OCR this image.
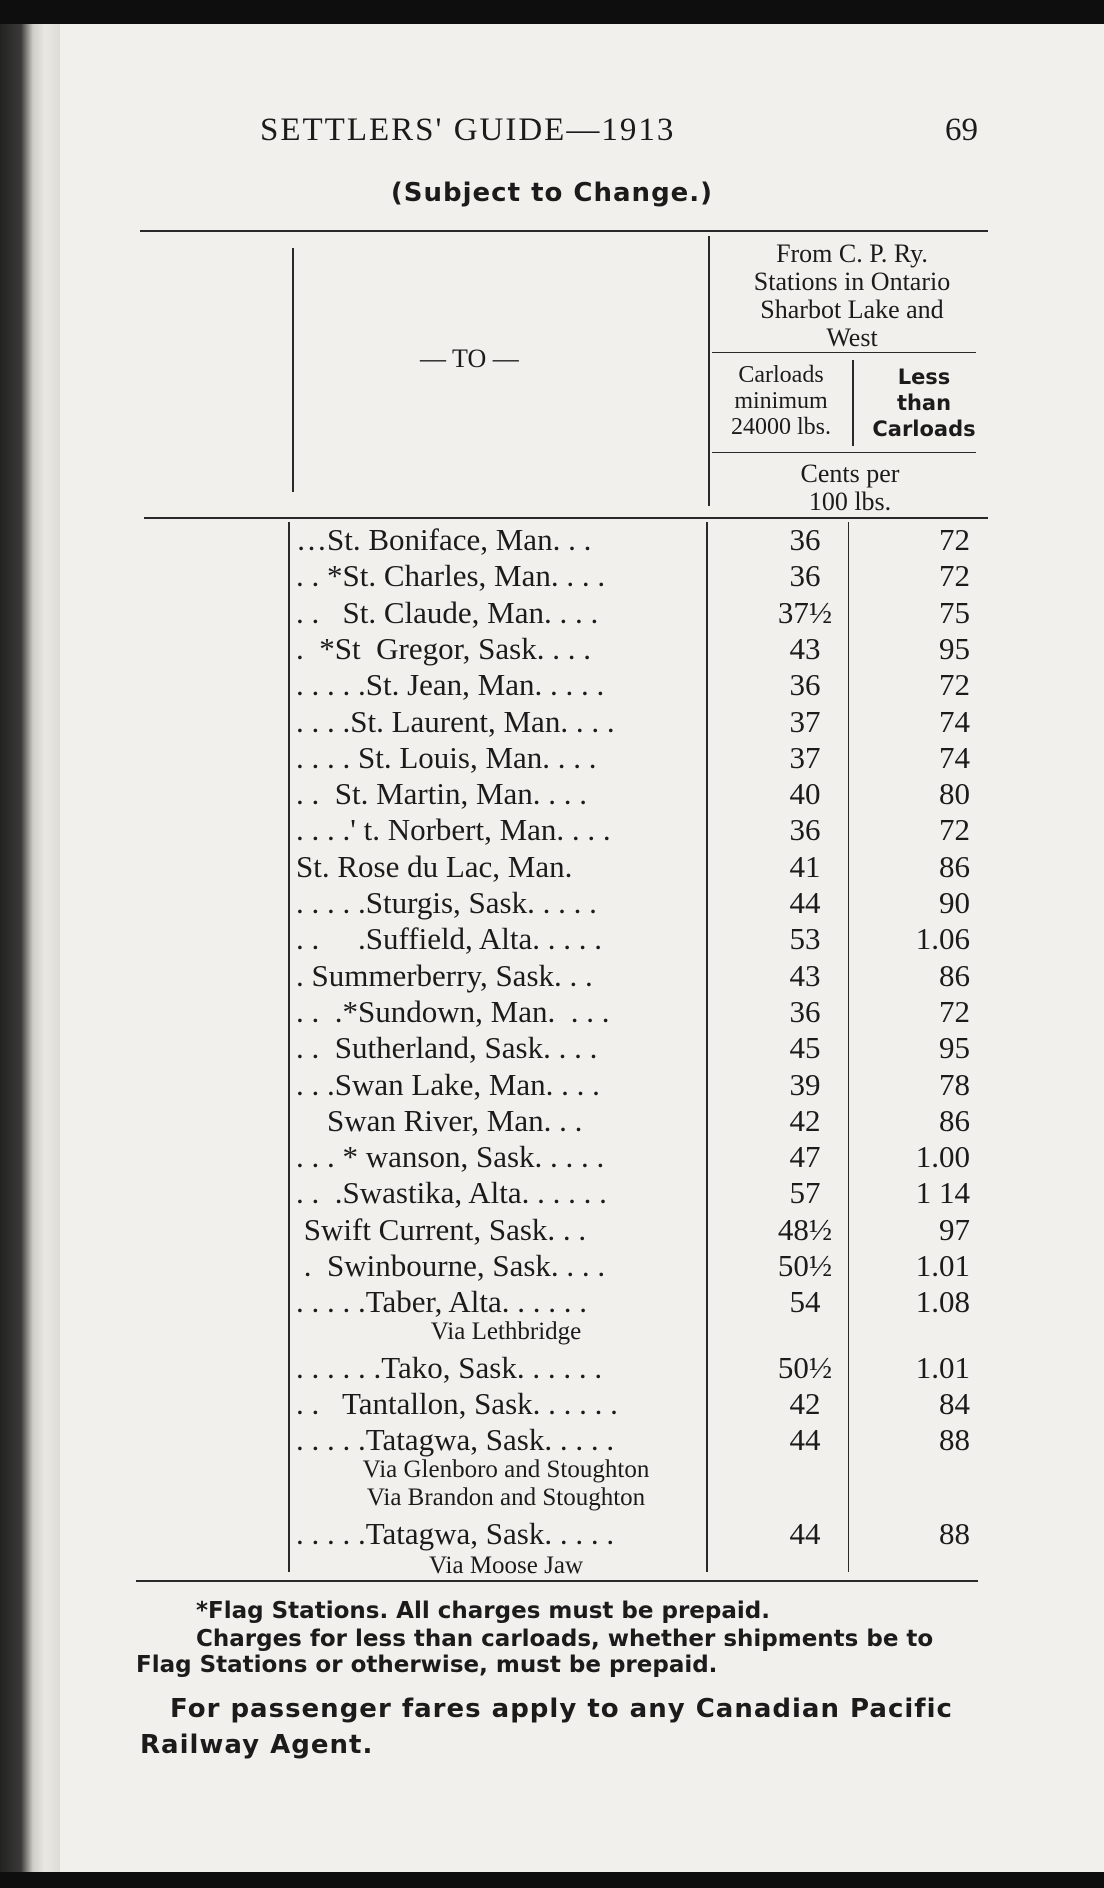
SETTLERS' GUIDE—1913	69
(Subject to Change.)
— TO —
From C. P. Ry.
Stations in Ontario
Sharbot Lake and
West
Carloads
minimum
24000 lbs.
Less
than
Carloads
Cents per
100 lbs.
…St. Boniface, Man. . .	36	72
. . *St. Charles, Man. . . .	36	72
. .   St. Claude, Man. . . .	37½	75
.  *St  Gregor, Sask. . . .	43	95
. . . . .St. Jean, Man. . . . .	36	72
. . . .St. Laurent, Man. . . .	37	74
. . . . St. Louis, Man. . . .	37	74
. .  St. Martin, Man. . . .	40	80
. . . .' t. Norbert, Man. . . .	36	72
St. Rose du Lac, Man.	41	86
. . . . .Sturgis, Sask. . . . .	44	90
. .     .Suffield, Alta. . . . .	53	1.06
. Summerberry, Sask. . .	43	86
. .  .*Sundown, Man.  . . .	36	72
. .  Sutherland, Sask. . . .	45	95
. . .Swan Lake, Man. . . .	39	78
Swan River, Man. . .	42	86
. . . * wanson, Sask. . . . .	47	1.00
. .  .Swastika, Alta. . . . . .	57	1 14
Swift Current, Sask. . .	48½	97
.  Swinbourne, Sask. . . .	50½	1.01
. . . . .Taber, Alta. . . . . .	54	1.08
Via Lethbridge
. . . . . .Tako, Sask. . . . . .	50½	1.01
. .   Tantallon, Sask. . . . . .	42	84
. . . . .Tatagwa, Sask. . . . .	44	88
Via Glenboro and Stoughton
Via Brandon and Stoughton
. . . . .Tatagwa, Sask. . . . .	44	88
Via Moose Jaw
*Flag Stations. All charges must be prepaid.
Charges for less than carloads, whether shipments be to
Flag Stations or otherwise, must be prepaid.
For passenger fares apply to any Canadian Pacific
Railway Agent.
